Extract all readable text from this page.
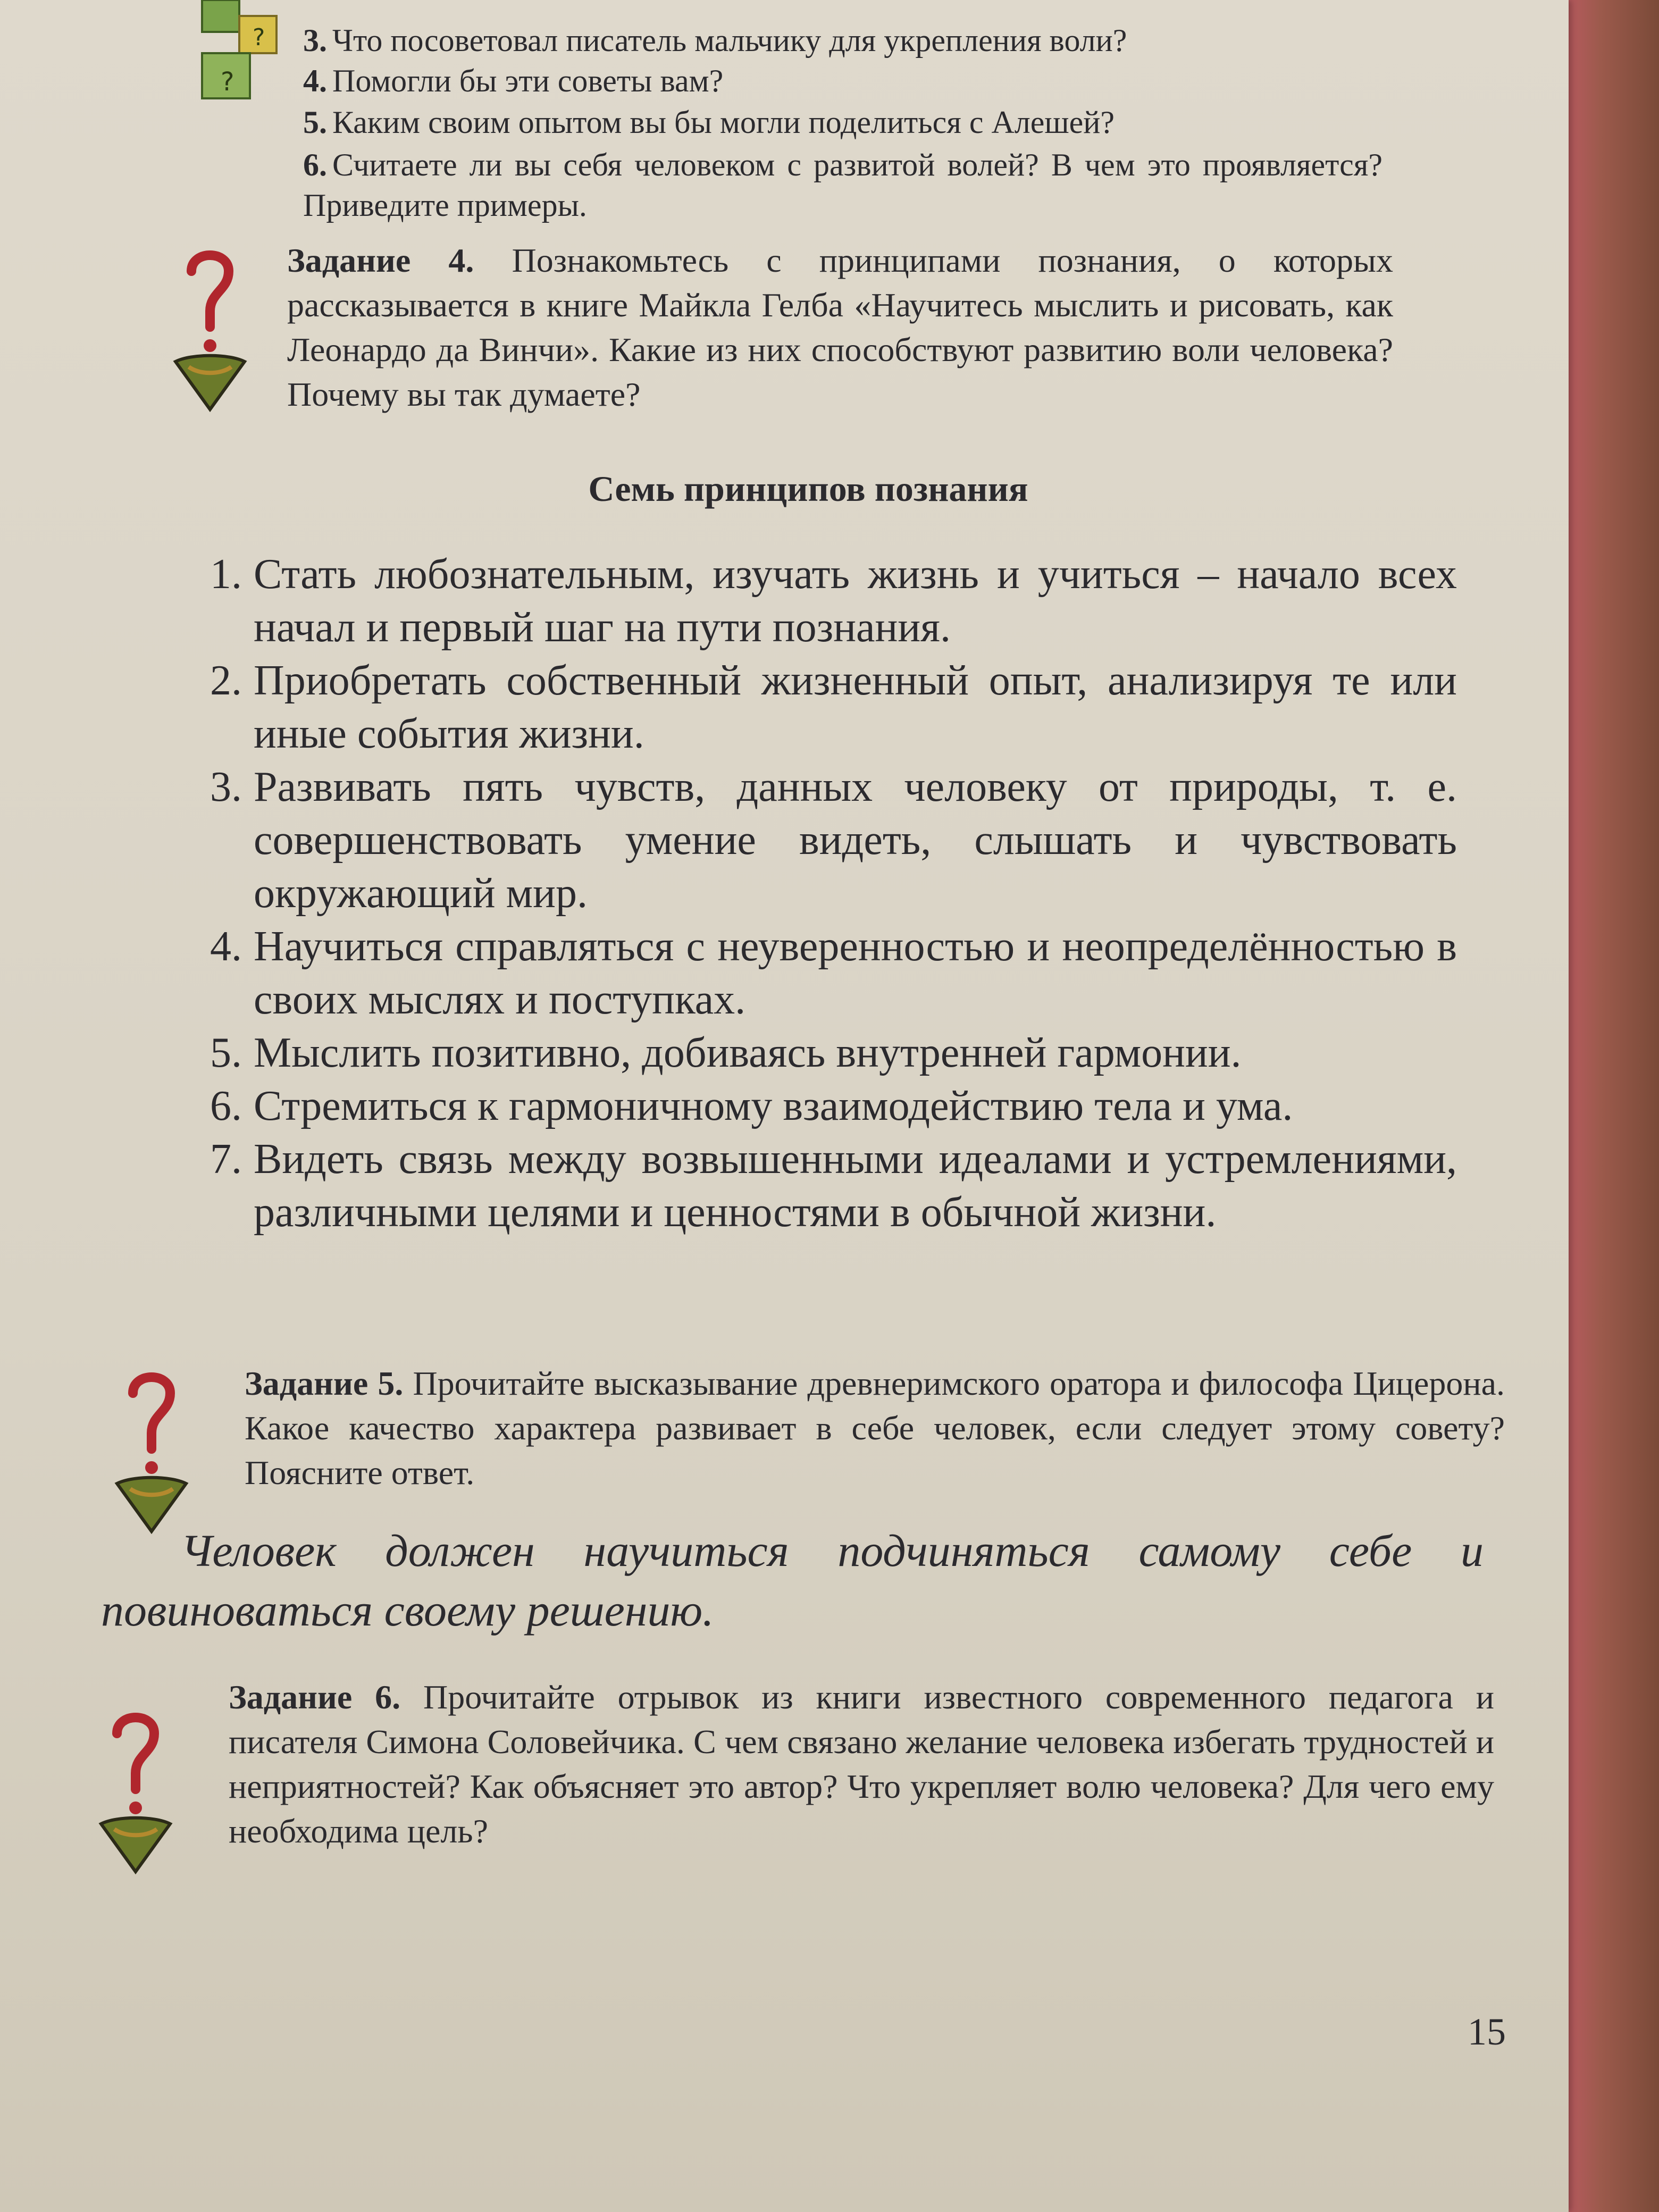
?
?
3. Что посоветовал писатель мальчику для укрепления воли?
4. Помогли бы эти советы вам?
5. Каким своим опытом вы бы могли поделиться с Алешей?
6. Считаете ли вы себя человеком с развитой волей? В чем это проявляется? Приведите примеры.
Задание 4. Познакомьтесь с принципами познания, о которых рассказывается в книге Майкла Гелба «Научитесь мыслить и рисовать, как Леонардо да Винчи». Какие из них способствуют развитию воли человека? Почему вы так думаете?
Семь принципов познания
1. Стать любознательным, изучать жизнь и учиться – начало всех начал и первый шаг на пути познания.
2. Приобретать собственный жизненный опыт, анализируя те или иные события жизни.
3. Развивать пять чувств, данных человеку от природы, т. е. совершенствовать умение видеть, слышать и чувствовать окружающий мир.
4. Научиться справляться с неуверенностью и неопределённостью в своих мыслях и поступках.
5. Мыслить позитивно, добиваясь внутренней гармонии.
6. Стремиться к гармоничному взаимодействию тела и ума.
7. Видеть связь между возвышенными идеалами и устремлениями, различными целями и ценностями в обычной жизни.
Задание 5. Прочитайте высказывание древнеримского оратора и философа Цицерона. Какое качество характера развивает в себе человек, если следует этому совету? Поясните ответ.
Человек должен научиться подчиняться самому себе и повиноваться своему решению.
Задание 6. Прочитайте отрывок из книги известного современного педагога и писателя Симона Соловейчика. С чем связано желание человека избегать трудностей и неприятностей? Как объясняет это автор? Что укрепляет волю человека? Для чего ему необходима цель?
15
